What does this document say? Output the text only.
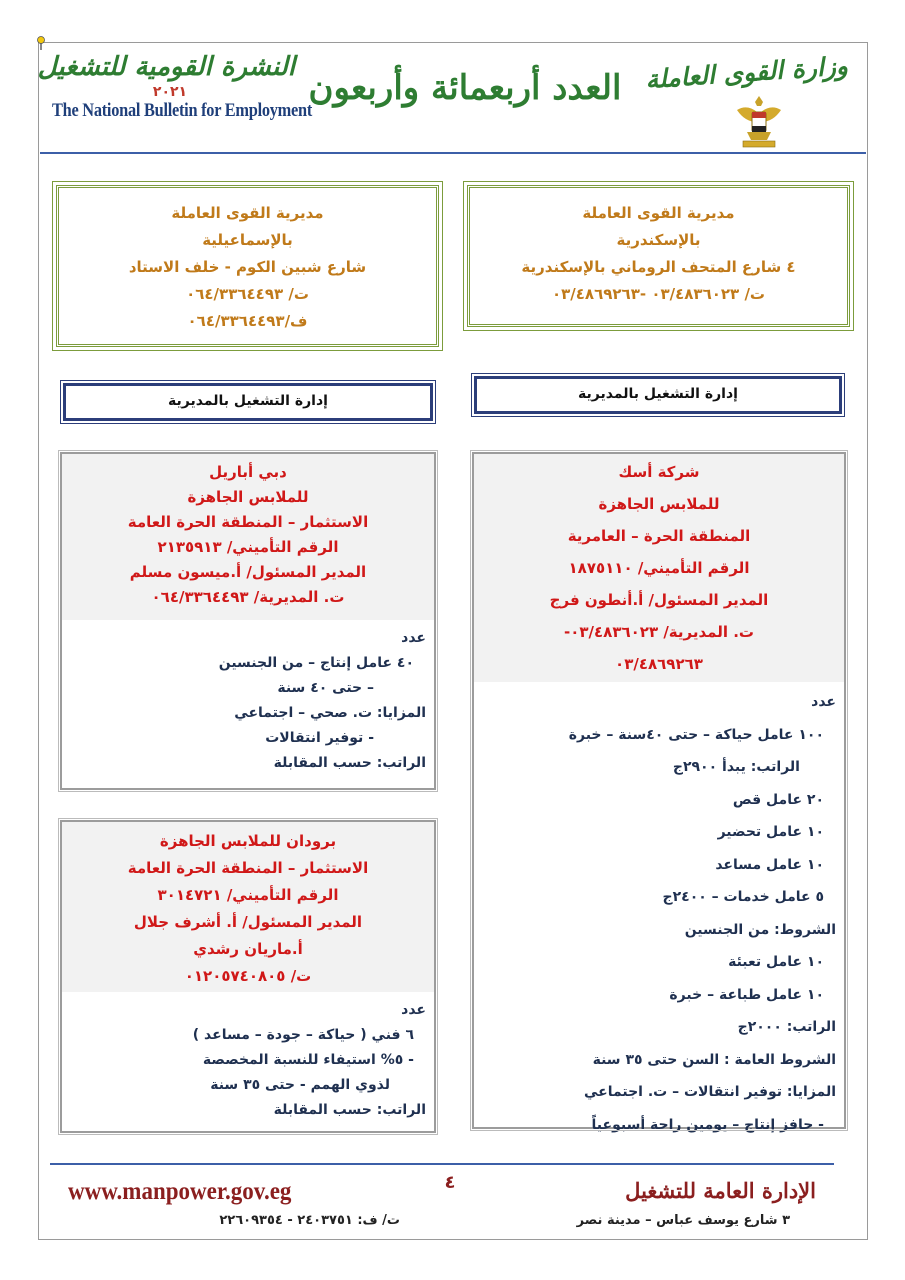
النشرة القومية للتشغيل
٢٠٢١
The National Bulletin for Employment
العدد أربعمائة وأربعون وزارة القوى العاملة
مديرية القوى العاملة
بالإسماعيلية
شارع شبين الكوم - خلف الاستاد
ت/ ٠٦٤/٣٣٦٤٤٩٣
ف/٠٦٤/٣٣٦٤٤٩٣
مديرية القوى العاملة
بالإسكندرية
٤ شارع المتحف الروماني بالإسكندرية
ت/ ٠٣/٤٨٣٦٠٢٣ -٠٣/٤٨٦٩٢٦٣
إدارة التشغيل بالمديرية	إدارة التشغيل بالمديرية
دبي أباريل
للملابس الجاهزة
الاستثمار – المنطقة الحرة العامة
الرقم التأميني/ ٢١٣٥٩١٣
المدير المسئول/ أ.ميسون مسلم
ت. المديرية/ ٠٦٤/٣٣٦٤٤٩٣
عدد
٤٠ عامل إنتاج – من الجنسين
– حتى ٤٠ سنة
المزايا: ت. صحي – اجتماعي
- توفير انتقالات
الراتب: حسب المقابلة
برودان للملابس الجاهزة
الاستثمار – المنطقة الحرة العامة
الرقم التأميني/ ٣٠١٤٧٢١
المدير المسئول/ أ. أشرف جلال
أ.ماريان رشدي
ت/ ٠١٢٠٥٧٤٠٨٠٥
عدد
٦ فني ( حياكة – جودة – مساعد )
- ٥% استيفاء للنسبة المخصصة
لذوي الهمم - حتى ٣٥ سنة
الراتب: حسب المقابلة
شركة أسك
للملابس الجاهزة
المنطقة الحرة – العامرية
الرقم التأميني/ ١٨٧٥١١٠
المدير المسئول/ أ.أنطون فرج
ت. المديرية/ ٠٣/٤٨٣٦٠٢٣-
٠٣/٤٨٦٩٢٦٣
عدد
١٠٠ عامل حياكة – حتى ٤٠سنة – خبرة
الراتب: يبدأ ٢٩٠٠ج
٢٠ عامل قص
١٠ عامل تحضير
١٠ عامل مساعد
٥ عامل خدمات – ٢٤٠٠ج
الشروط: من الجنسين
١٠ عامل تعبئة
١٠ عامل طباعة – خبرة
الراتب: ٢٠٠٠ج
الشروط العامة : السن حتى ٣٥ سنة
المزايا: توفير انتقالات – ت. اجتماعي
- حافز إنتاج – يومين راحة أسبوعياً
www.manpower.gov.eg	٤	الإدارة العامة للتشغيل
٣ شارع يوسف عباس – مدينة نصر
ت/ ف: ٢٤٠٣٧٥١ - ٢٢٦٠٩٣٥٤
